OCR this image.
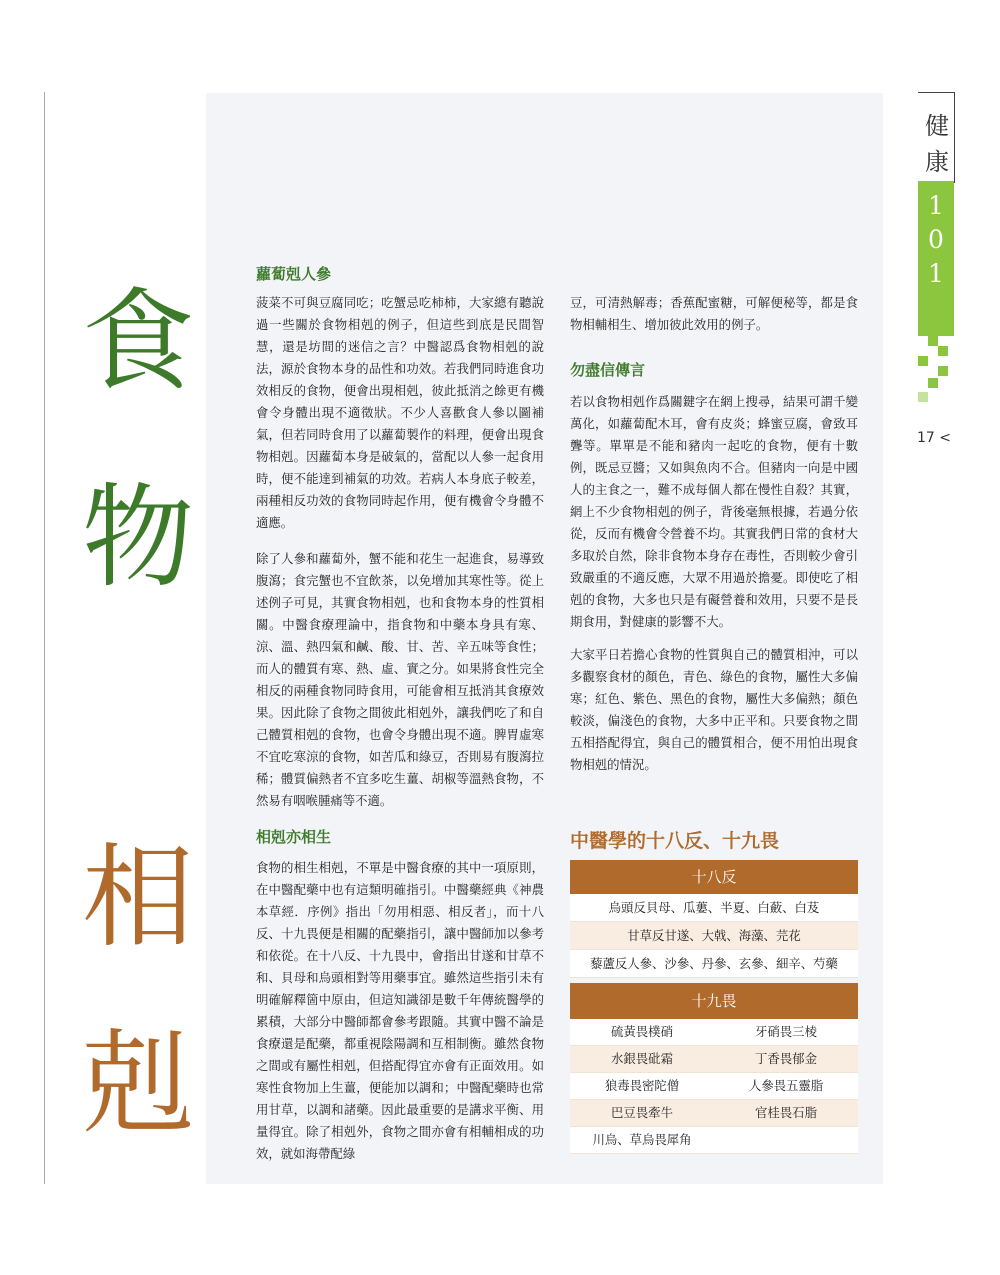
食
物
相
剋
蘿蔔剋人參

菠菜不可與豆腐同吃；吃蟹忌吃柿柿，大家總有聽說過一些關於食物相剋的例子，但這些到底是民間智慧，還是坊間的迷信之言？中醫認爲食物相剋的說法，源於食物本身的品性和功效。若我們同時進食功效相反的食物，便會出現相剋，彼此抵消之餘更有機會令身體出現不適徵狀。不少人喜歡食人參以圖補氣，但若同時食用了以蘿蔔製作的料理，便會出現食物相剋。因蘿蔔本身是破氣的，當配以人參一起食用時，便不能達到補氣的功效。若病人本身底子較差，兩種相反功效的食物同時起作用，便有機會令身體不適應。

除了人參和蘿蔔外，蟹不能和花生一起進食，易導致腹瀉；食完蟹也不宜飲茶，以免增加其寒性等。從上述例子可見，其實食物相剋，也和食物本身的性質相關。中醫食療理論中，指食物和中藥本身具有寒、涼、溫、熱四氣和鹹、酸、甘、苦、辛五味等食性；而人的體質有寒、熱、虛、實之分。如果將食性完全相反的兩種食物同時食用，可能會相互抵消其食療效果。因此除了食物之間彼此相剋外，讓我們吃了和自己體質相剋的食物，也會令身體出現不適。脾胃虛寒不宜吃寒涼的食物，如苦瓜和綠豆，否則易有腹瀉拉稀；體質偏熱者不宜多吃生薑、胡椒等溫熱食物，不然易有咽喉腫痛等不適。

相剋亦相生

食物的相生相剋，不單是中醫食療的其中一項原則，在中醫配藥中也有這類明確指引。中醫藥經典《神農本草經．序例》指出「勿用相惡、相反者」，而十八反、十九畏便是相關的配藥指引，讓中醫師加以參考和依從。在十八反、十九畏中，會指出甘遂和甘草不和、貝母和烏頭相對等用藥事宜。雖然這些指引未有明確解釋箇中原由，但這知識卻是數千年傳統醫學的累積，大部分中醫師都會參考跟隨。其實中醫不論是食療還是配藥，都重視陰陽調和互相制衡。雖然食物之間或有屬性相剋，但搭配得宜亦會有正面效用。如寒性食物加上生薑，便能加以調和；中醫配藥時也常用甘草，以調和諸藥。因此最重要的是講求平衡、用量得宜。除了相剋外，食物之間亦會有相輔相成的功效，就如海帶配綠

豆，可清熱解毒；香蕉配蜜糖，可解便秘等，都是食物相輔相生、增加彼此效用的例子。

勿盡信傳言

若以食物相剋作爲關鍵字在網上搜尋，結果可謂千變萬化，如蘿蔔配木耳，會有皮炎；蜂蜜豆腐，會致耳聾等。單單是不能和豬肉一起吃的食物，便有十數例，既忌豆醬；又如與魚肉不合。但豬肉一向是中國人的主食之一，難不成每個人都在慢性自殺？其實，網上不少食物相剋的例子，背後毫無根據，若過分依從，反而有機會令營養不均。其實我們日常的食材大多取於自然，除非食物本身存在毒性，否則較少會引致嚴重的不適反應，大眾不用過於擔憂。即使吃了相剋的食物，大多也只是有礙營養和效用，只要不是長期食用，對健康的影響不大。

大家平日若擔心食物的性質與自己的體質相沖，可以多觀察食材的顏色，青色、綠色的食物，屬性大多偏寒；紅色、紫色、黑色的食物，屬性大多偏熱；顏色較淡，偏淺色的食物，大多中正平和。只要食物之間五相搭配得宜，與自己的體質相合，便不用怕出現食物相剋的情況。

中醫學的十八反、十九畏
十八反
烏頭反貝母、瓜蔞、半夏、白蘞、白芨
甘草反甘遂、大戟、海藻、芫花
藜蘆反人參、沙參、丹參、玄參、細辛、芍藥
十九畏
硫黃畏樸硝	牙硝畏三棱
水銀畏砒霜	丁香畏郁金
狼毒畏密陀僧	人參畏五靈脂
巴豆畏牽牛	官桂畏石脂
川烏、草烏畏犀角
健
康
1
0
1
17 <
